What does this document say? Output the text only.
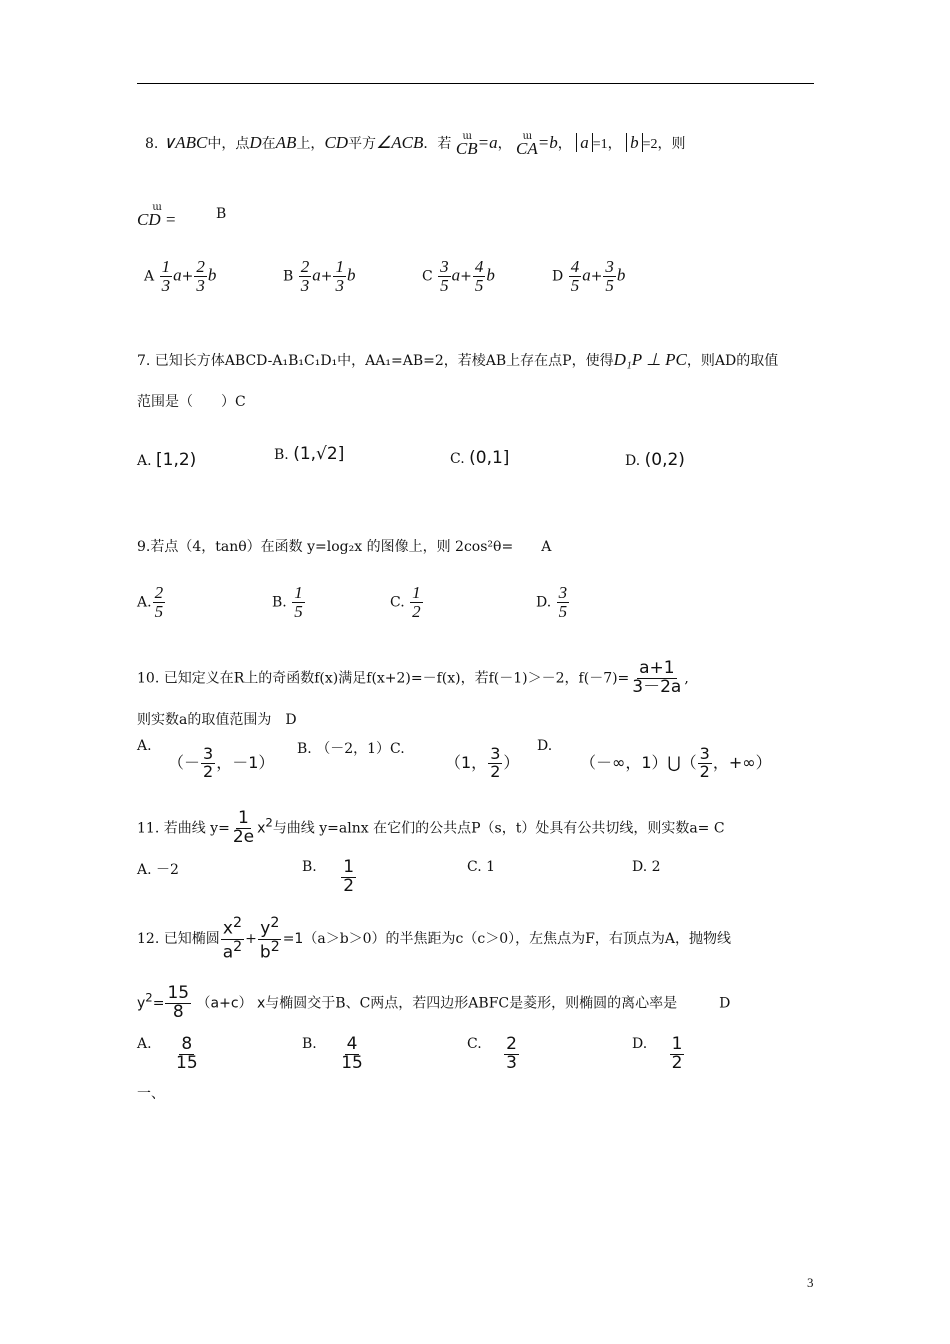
8. ∨ABC中，点D在AB上，CD平方∠ACB．若 ɯ
CB =a， ɯ
CA =b， a =1， b =2，则
ɯ
CD =	B
A $\frac{1}{3} a+ \frac{2}{3}$ b	B $\frac{2}{3} a+ \frac{1}{3}$ b	C $\frac{3}{5} a+ \frac{4}{5}$ b	D $\frac{4}{5} a+ \frac{3}{5}$ b
7. 已知长方体ABCD-A₁B₁C₁D₁中，AA₁=AB=2，若棱AB上存在点P，使得D₁P ⊥ PC，则AD的取值
范围是（　　）C
A. [1,2)	B. (1,√2]	C. (0,1]	D. (0,2)
9.若点（4，tanθ）在函数 y=log₂x 的图像上，则 2cos²θ=　　 A
A. $\frac{2}{5}$	B. $\frac{1}{5}$	C. $\frac{1}{2}$	D. $\frac{3}{5}$
10. 已知定义在R上的奇函数f(x)满足f(x+2)=－f(x)，若f(－1)＞－2，$f(-7)= \frac{a+1}{3-2a}$ ,
则实数a的取值范围为　 D
A.
（－ $\frac{3}{2}$ ，－1）
B. （－2，1）C.
（1， $\frac{3}{2}$ ）
D.
（－∞，1）⋃（ $\frac{3}{2}$ ，+∞）
11. 若曲线 $y= \frac{1}{2e} x^2$与曲线 y=alnx 在它们的公共点P（s，t）处具有公共切线，则实数a= C
A. －2	B. $\frac{1}{2}$	C. 1	D. 2
12. 已知椭圆 $\frac{x^2}{a^2} + \frac{y^2}{b^2} =1(a>b>0)$的半焦距为c（c＞0），左焦点为F，右顶点为A，抛物线
$y^2= \frac{15}{8} (a+c)$ x与椭圆交于B、C两点，若四边形ABFC是菱形，则椭圆的离心率是　　　	D
A. $\frac{8}{15}$	B. $\frac{4}{15}$	C. $\frac{2}{3}$	D. $\frac{1}{2}$
一、
3
